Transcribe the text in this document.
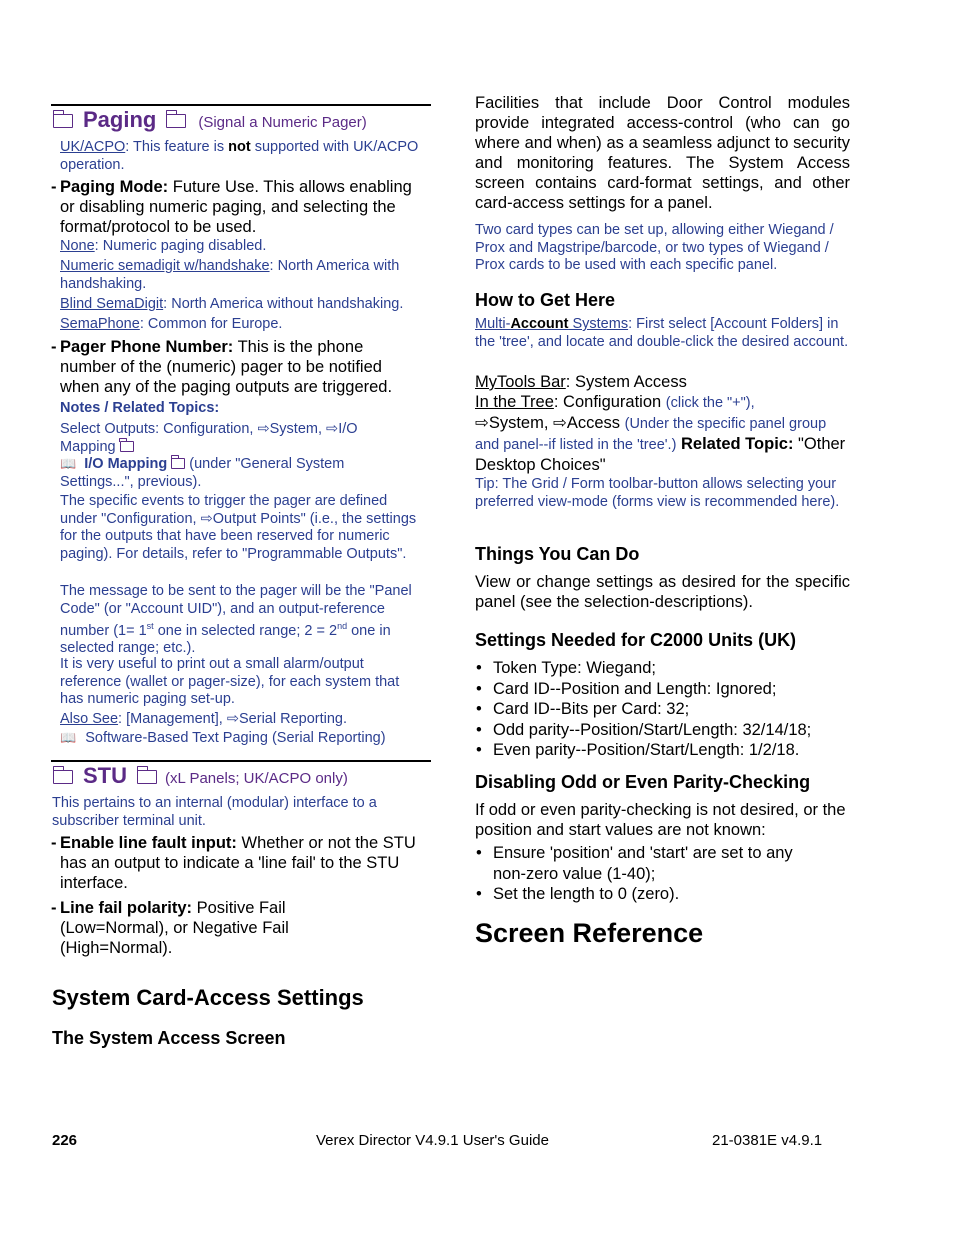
Paging	(Signal a Numeric Pager)
UK/ACPO: This feature is not supported with UK/ACPO operation.
- Paging Mode: Future Use. This allows enabling or disabling numeric paging, and selecting the format/protocol to be used.
None: Numeric paging disabled.
Numeric semadigit w/handshake: North America with handshaking.
Blind SemaDigit: North America without handshaking.
SemaPhone: Common for Europe.
- Pager Phone Number: This is the phone number of the (numeric) pager to be notified when any of the paging outputs are triggered.
Notes / Related Topics:
Select Outputs: Configuration, ⇨System, ⇨I/O Mapping
📖 I/O Mapping (under "General System Settings...", previous).
The specific events to trigger the pager are defined under "Configuration, ⇨Output Points" (i.e., the settings for the outputs that have been reserved for numeric paging). For details, refer to "Programmable Outputs".
The message to be sent to the pager will be the "Panel Code" (or "Account UID"), and an output-reference number (1= 1st one in selected range; 2 = 2nd one in selected range; etc.).
It is very useful to print out a small alarm/output reference (wallet or pager-size), for each system that has numeric paging set-up.
Also See: [Management], ⇨Serial Reporting.
📖 Software-Based Text Paging (Serial Reporting)
STU	(xL Panels; UK/ACPO only)
This pertains to an internal (modular) interface to a subscriber terminal unit.
- Enable line fault input: Whether or not the STU has an output to indicate a 'line fail' to the STU interface.
- Line fail polarity: Positive Fail (Low=Normal), or Negative Fail (High=Normal).
System Card-Access Settings
The System Access Screen
Facilities that include Door Control modules provide integrated access-control (who can go where and when) as a seamless adjunct to security and monitoring features. The System Access screen contains card-format settings, and other card-access settings for a panel.
Two card types can be set up, allowing either Wiegand / Prox and Magstripe/barcode, or two types of Wiegand / Prox cards to be used with each specific panel.
How to Get Here
Multi-Account Systems: First select [Account Folders] in the 'tree', and locate and double-click the desired account.
MyTools Bar: System Access
In the Tree: Configuration (click the "+"),
⇨System, ⇨Access (Under the specific panel group and panel--if listed in the 'tree'.) Related Topic: "Other Desktop Choices"
Tip: The Grid / Form toolbar-button allows selecting your preferred view-mode (forms view is recommended here).
Things You Can Do
View or change settings as desired for the specific panel (see the selection-descriptions).
Settings Needed for C2000 Units (UK)
• Token Type: Wiegand;
• Card ID--Position and Length: Ignored;
• Card ID--Bits per Card: 32;
• Odd parity--Position/Start/Length: 32/14/18;
• Even parity--Position/Start/Length: 1/2/18.
Disabling Odd or Even Parity-Checking
If odd or even parity-checking is not desired, or the position and start values are not known:
• Ensure 'position' and 'start' are set to any non-zero value (1-40);
• Set the length to 0 (zero).
Screen Reference
226	Verex Director V4.9.1 User's Guide	21-0381E v4.9.1
